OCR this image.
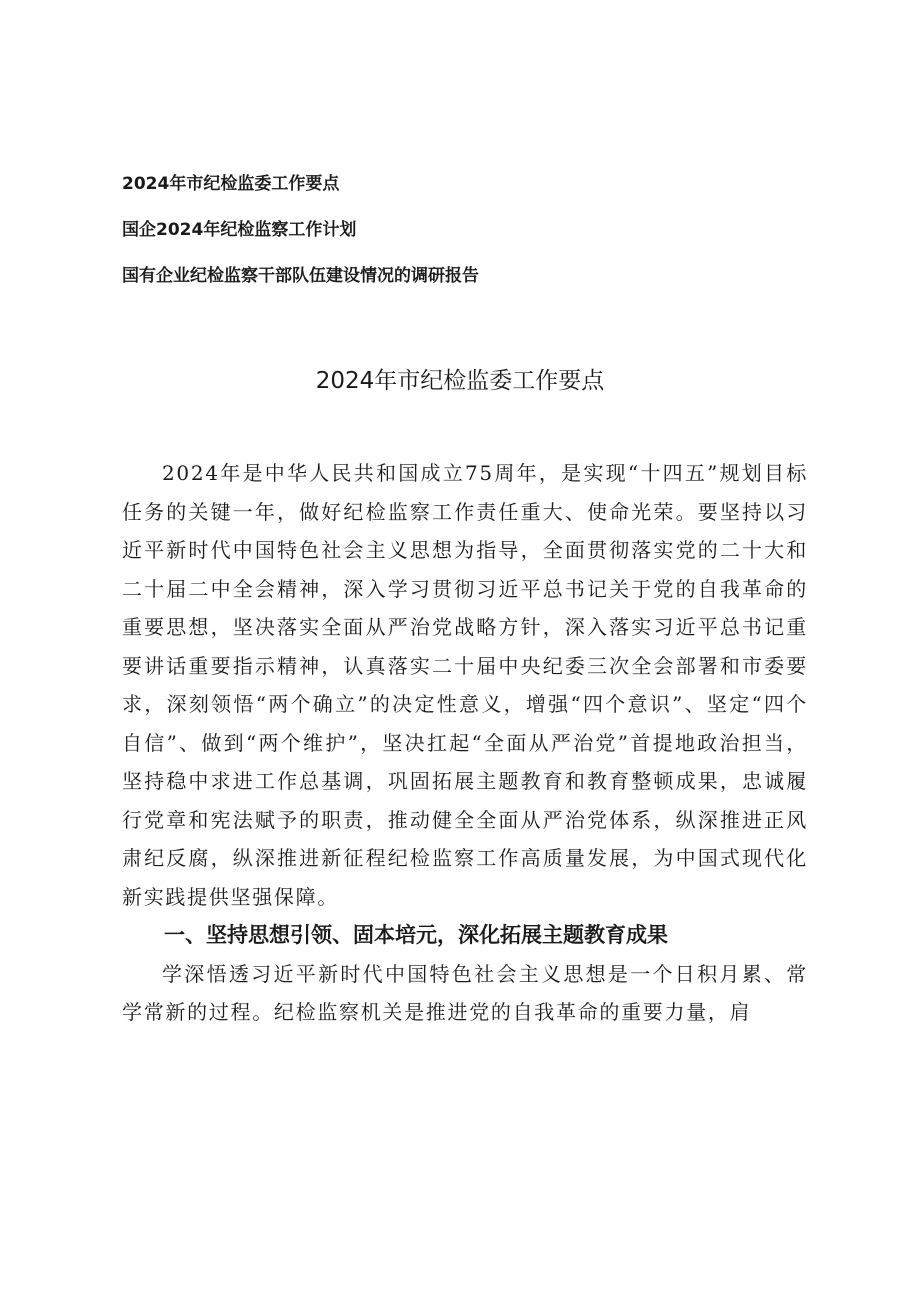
2024年市纪检监委工作要点
国企2024年纪检监察工作计划
国有企业纪检监察干部队伍建设情况的调研报告
2024年市纪检监委工作要点

2024年是中华人民共和国成立75周年，是实现“十四五”规划目标任务的关键一年，做好纪检监察工作责任重大、使命光荣。要坚持以习近平新时代中国特色社会主义思想为指导，全面贯彻落实党的二十大和二十届二中全会精神，深入学习贯彻习近平总书记关于党的自我革命的重要思想，坚决落实全面从严治党战略方针，深入落实习近平总书记重要讲话重要指示精神，认真落实二十届中央纪委三次全会部署和市委要求，深刻领悟“两个确立”的决定性意义，增强“四个意识”、坚定“四个自信”、做到“两个维护”，坚决扛起“全面从严治党”首提地政治担当，坚持稳中求进工作总基调，巩固拓展主题教育和教育整顿成果，忠诚履行党章和宪法赋予的职责，推动健全全面从严治党体系，纵深推进正风肃纪反腐，纵深推进新征程纪检监察工作高质量发展，为中国式现代化新实践提供坚强保障。

一、坚持思想引领、固本培元，深化拓展主题教育成果

学深悟透习近平新时代中国特色社会主义思想是一个日积月累、常学常新的过程。纪检监察机关是推进党的自我革命的重要力量，肩
